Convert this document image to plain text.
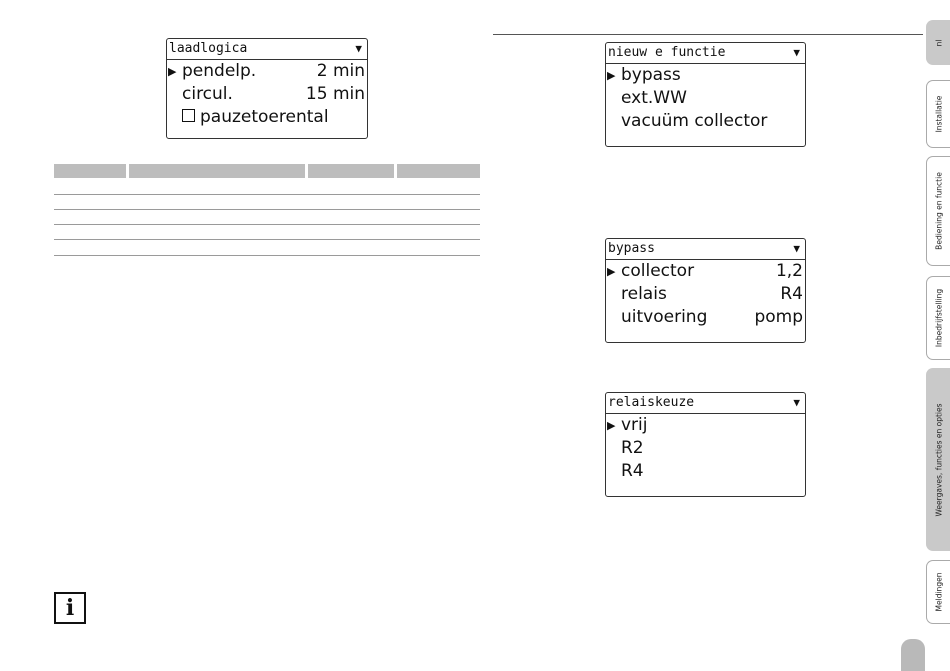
laadlogica	▼
▶ pendelp.	2 min
circul.	15 min
pauzetoerental
i
nieuw e functie	▼
▶ bypass
ext.WW
vacuüm collector
bypass	▼
▶ collector	1,2
relais	R4
uitvoering	pomp
relaiskeuze	▼
▶ vrij
R2
R4
nl
Installatie
Bediening en functie
Inbedrijfstelling
Weergaves, functies en opties
Meldingen
